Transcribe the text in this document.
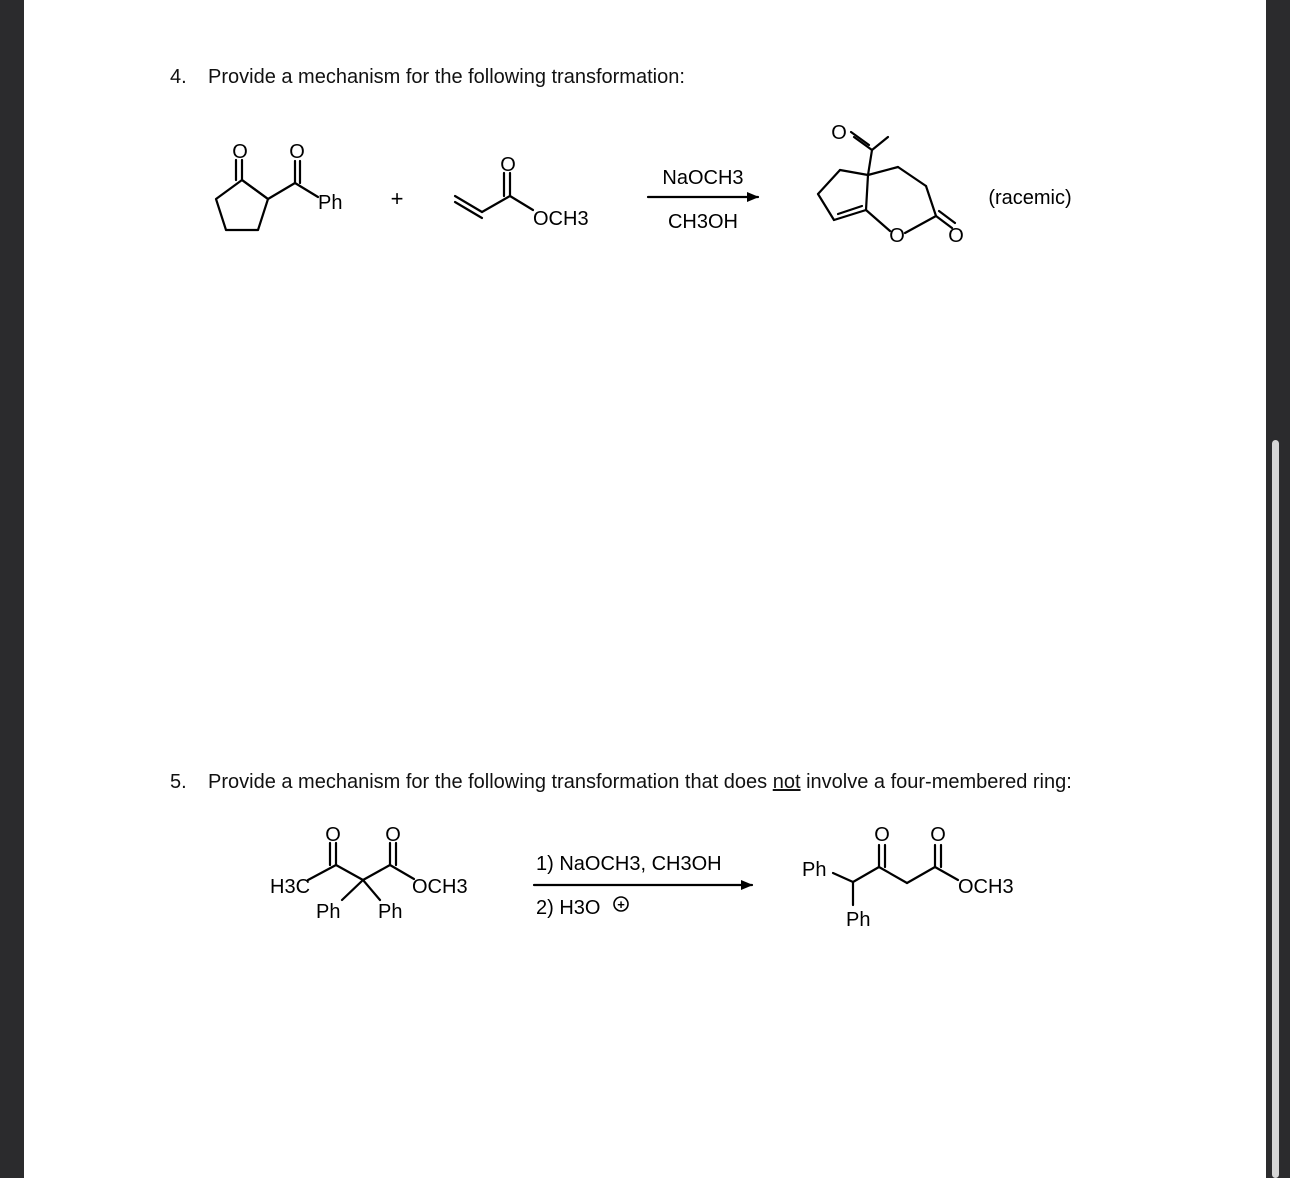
4. Provide a mechanism for the following transformation:
5. Provide a mechanism for the following transformation that does not involve a four-membered ring:
O O
Ph +
O
OCH3
NaOCH3
CH3OH
O
O O
(racemic)
O O
H3C	OCH3
Ph Ph
1) NaOCH3, CH3OH
2) H3O +
Ph
Ph
O O
OCH3
